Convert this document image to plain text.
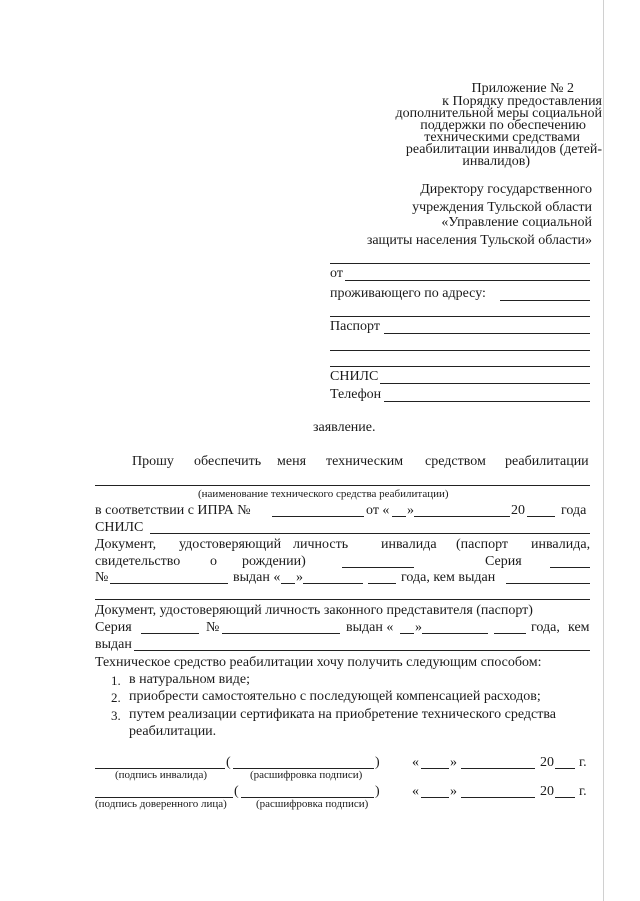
Приложение № 2
к Порядку предоставления
дополнительной меры социальной
поддержки по обеспечению
техническими средствами
реабилитации инвалидов (детей-
инвалидов)
Директору государственного
учреждения Тульской области
«Управление социальной
защиты населения Тульской области»
от
проживающего по адресу:
Паспорт
СНИЛС
Телефон
заявление.
Прошу обеспечить меня техническим средством реабилитации
(наименование технического средства реабилитации)
в соответствии с ИПРА №	от « »	20	года
СНИЛС
Документ, удостоверяющий личность инвалида (паспорт инвалида,
свидетельство о рождении)	Серия
№	выдан « »	года, кем выдан
Документ, удостоверяющий личность законного представителя (паспорт)
Серия	№	выдан « »	года, кем
выдан
Техническое средство реабилитации хочу получить следующим способом:
1. в натуральном виде;
2. приобрести самостоятельно с последующей компенсацией расходов;
3. путем реализации сертификата на приобретение технического средства
реабилитации.
(	) « »	20 г.
(подпись инвалида)	(расшифровка подписи)
(	) « »	20 г.
(подпись доверенного лица)	(расшифровка подписи)
